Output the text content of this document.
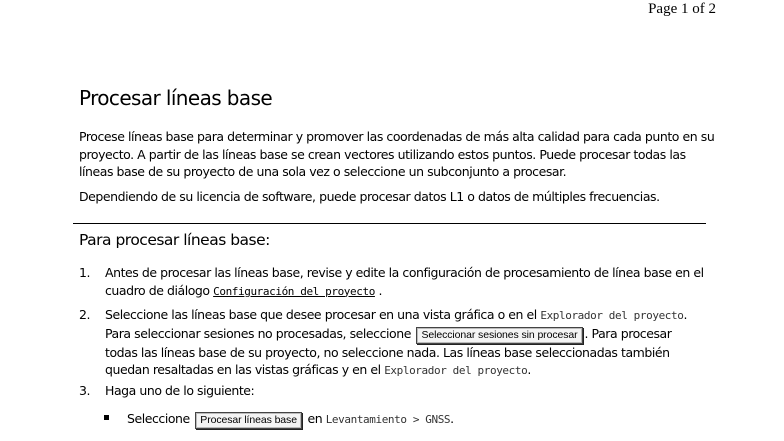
Page 1 of 2
Procesar líneas base

Procese líneas base para determinar y promover las coordenadas de más alta calidad para cada punto en su proyecto. A partir de las líneas base se crean vectores utilizando estos puntos. Puede procesar todas las líneas base de su proyecto de una sola vez o seleccione un subconjunto a procesar.

Dependiendo de su licencia de software, puede procesar datos L1 o datos de múltiples frecuencias.

Para procesar líneas base:
1. Antes de procesar las líneas base, revise y edite la configuración de procesamiento de línea base en el cuadro de diálogo Configuración del proyecto .
2. Seleccione las líneas base que desee procesar en una vista gráfica o en el Explorador del proyecto. Para seleccionar sesiones no procesadas, seleccione Seleccionar sesiones sin procesar . Para procesar todas las líneas base de su proyecto, no seleccione nada. Las líneas base seleccionadas también quedan resaltadas en las vistas gráficas y en el Explorador del proyecto.
3. Haga uno de lo siguiente:
Seleccione Procesar líneas base en Levantamiento > GNSS.
